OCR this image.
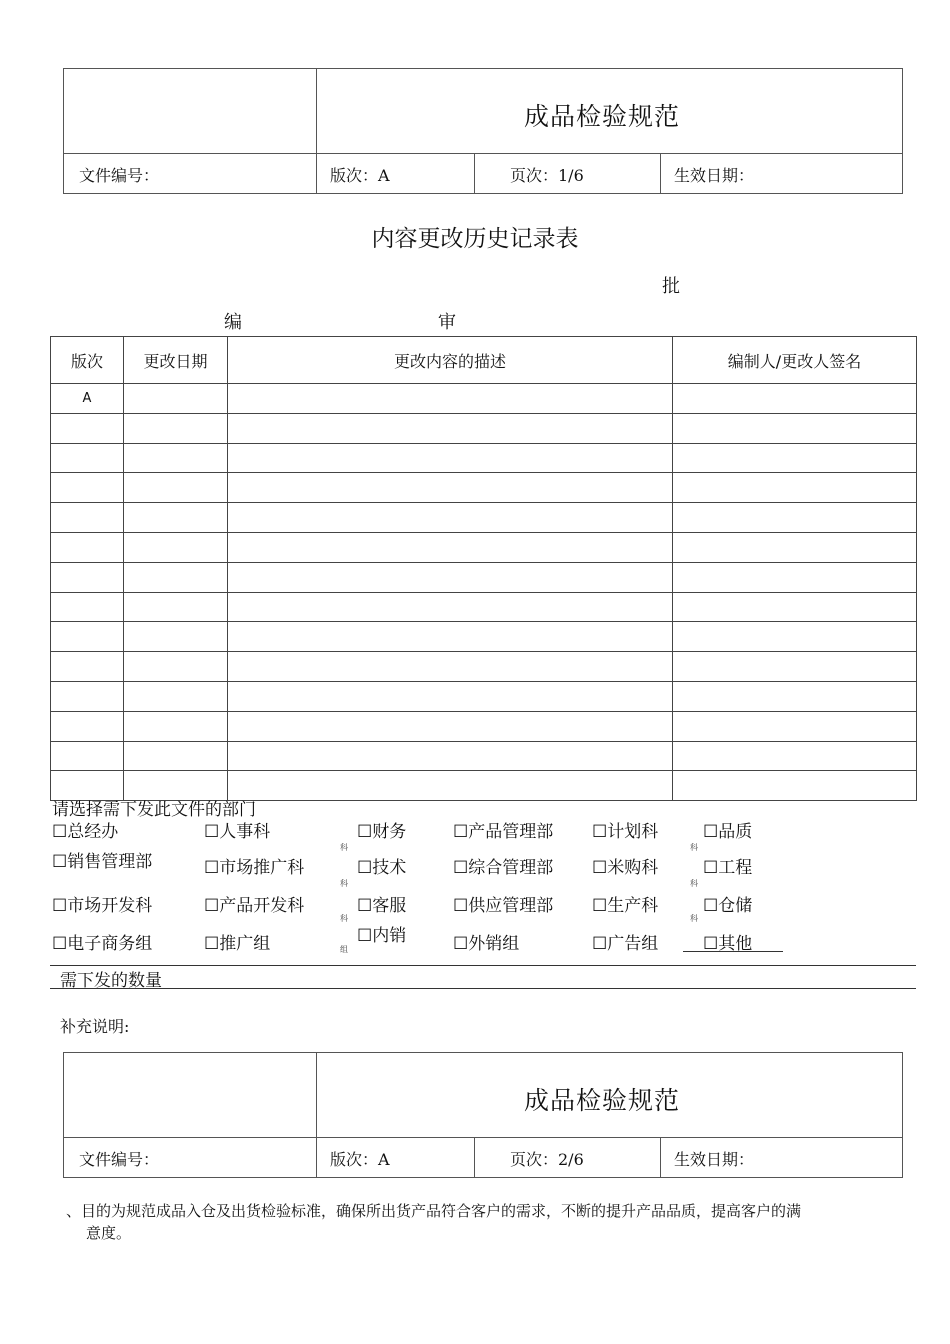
成品检验规范
文件编号：	版次：A	页次：1/6	生效日期：
内容更改历史记录表
批
编	审
版次	更改日期	更改内容的描述	编制人/更改人签名
A			

请选择需下发此文件的部门
☐总经办	☐人事科	☐财务	☐产品管理部 ☐计划科	☐品质
☐销售管理部	☐市场推广科	☐技术	☐综合管理部 ☐米购科	☐工程
☐市场开发科	☐产品开发科	☐客服	☐供应管理部 ☐生产科	☐仓储
☐电子商务组	☐推广组	☐内销	☐外销组	☐广告组	☐其他
科
科
科
组
科
科
科
需下发的数量
补充说明:
成品检验规范
文件编号：	版次：A	页次：2/6	生效日期：
、目的为规范成品入仓及出货检验标准，确保所出货产品符合客户的需求，不断的提升产品品质，提高客户的满
意度。
